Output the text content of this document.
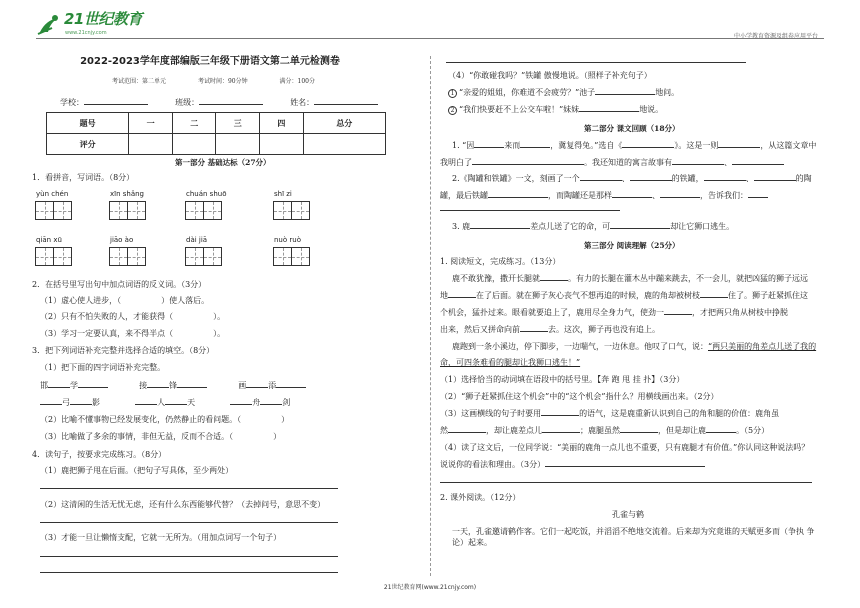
21世纪教育
www.21cnjy.com	中小学教育资源及组卷应用平台
2022-2023学年度部编版三年级下册语文第二单元检测卷
考试范围：第二单元	考试时间：90分钟	满分：100分
学校：	班级：	姓名：
题号	一	二	三	四	总分
评分					
第一部分 基础达标（27分）
1．看拼音，写词语。（8分）
yùn chén	xīn shǎng	chuán shuō	shī zi
qiān xū	jiāo ào	dài jiā	nuò ruò
2．在括号里写出句中加点词语的反义词。（3分）
（1）虚心使人进步，（　　　　　）使人落后。
（2）只有不怕失败的人，才能获得（　　　　　）。
（3）学习一定要认真，来不得半点（　　　　　）。
3．把下列词语补充完整并选择合适的填空。（8分）
（1）把下面的四字词语补充完整。
邯	学	接	锋	画	添
弓	影	人	天	舟	剑
（2）比喻不懂事物已经发展变化，仍然静止的看问题。（　　　　　）
（3）比喻做了多余的事情，非但无益，反而不合适。（　　　　　）
4．读句子，按要求完成练习。（8分）
（1）鹿把狮子甩在后面。（把句子写具体，至少两处）
（2）这清闲的生活无忧无虑，还有什么东西能够代替？（去掉问号，意思不变）
（3）才能一旦让懒惰支配，它就一无所为。（用加点词写一个句子）
（4）“你敢碰我吗？”铁罐 傲慢地说。（照样子补充句子）
1 “亲爱的姐姐，你难道不会疲劳？”池子	地问。
2 “我们快要赶不上公交车啦！”妹妹	地说。
第二部分 课文回顾（18分）
1. “因	来而	，冀复得兔。”选自《	》。这是一则	，从这篇文章中
我明白了	。我还知道的寓言故事有	、
2.《陶罐和铁罐》一文，刻画了一个	、	的铁罐，	、	的陶
罐，最后铁罐	，而陶罐还是那样	、	，告诉我们：
3. 鹿	差点儿送了它的命，可	却让它狮口逃生。
第三部分 阅读理解（25分）
1. 阅读短文，完成练习。（13分）
鹿不敢犹豫，撒开长腿就	。有力的长腿在灌木丛中蹦来跳去，不一会儿，就把凶猛的狮子远远
地	在了后面。就在狮子灰心丧气不想再追的时候，鹿的角却被树枝	住了。狮子赶紧抓住这
个机会，猛扑过来。眼看就要追上了，鹿用尽全身力气，使劲一	，才把两只角从树枝中挣脱
出来，然后又拼命向前	去。这次，狮子再也没有追上。
鹿跑到一条小溪边，停下脚步，一边喘气，一边休息。他叹了口气，说：“两只美丽的角差点儿送了我的
命，可四条难看的腿却让我狮口逃生！”
（1）选择恰当的动词填在语段中的括号里。【奔 跑 甩 挂 扑】（3分）
（2）“狮子赶紧抓住这个机会”中的“这个机会”指什么？用横线画出来。（2分）
（3）这画横线的句子时要用	的语气，这是鹿重新认识到自己的角和腿的价值：鹿角虽
然	，却让鹿差点儿	；鹿腿虽然	，但是却让鹿	。（5分）
（4）读了这文后，一位同学说：“美丽的鹿角一点儿也不重要，只有鹿腿才有价值。”你认同这种说法吗？
说说你的看法和理由。（3分）
2. 课外阅读。（12分）
孔雀与鹤
一天，孔雀邀请鹤作客。它们一起吃饭，并滔滔不绝地交流着。后来却为究竟谁的天赋更多而（争执 争论）起来。
21世纪教育网(www.21cnjy.com)
